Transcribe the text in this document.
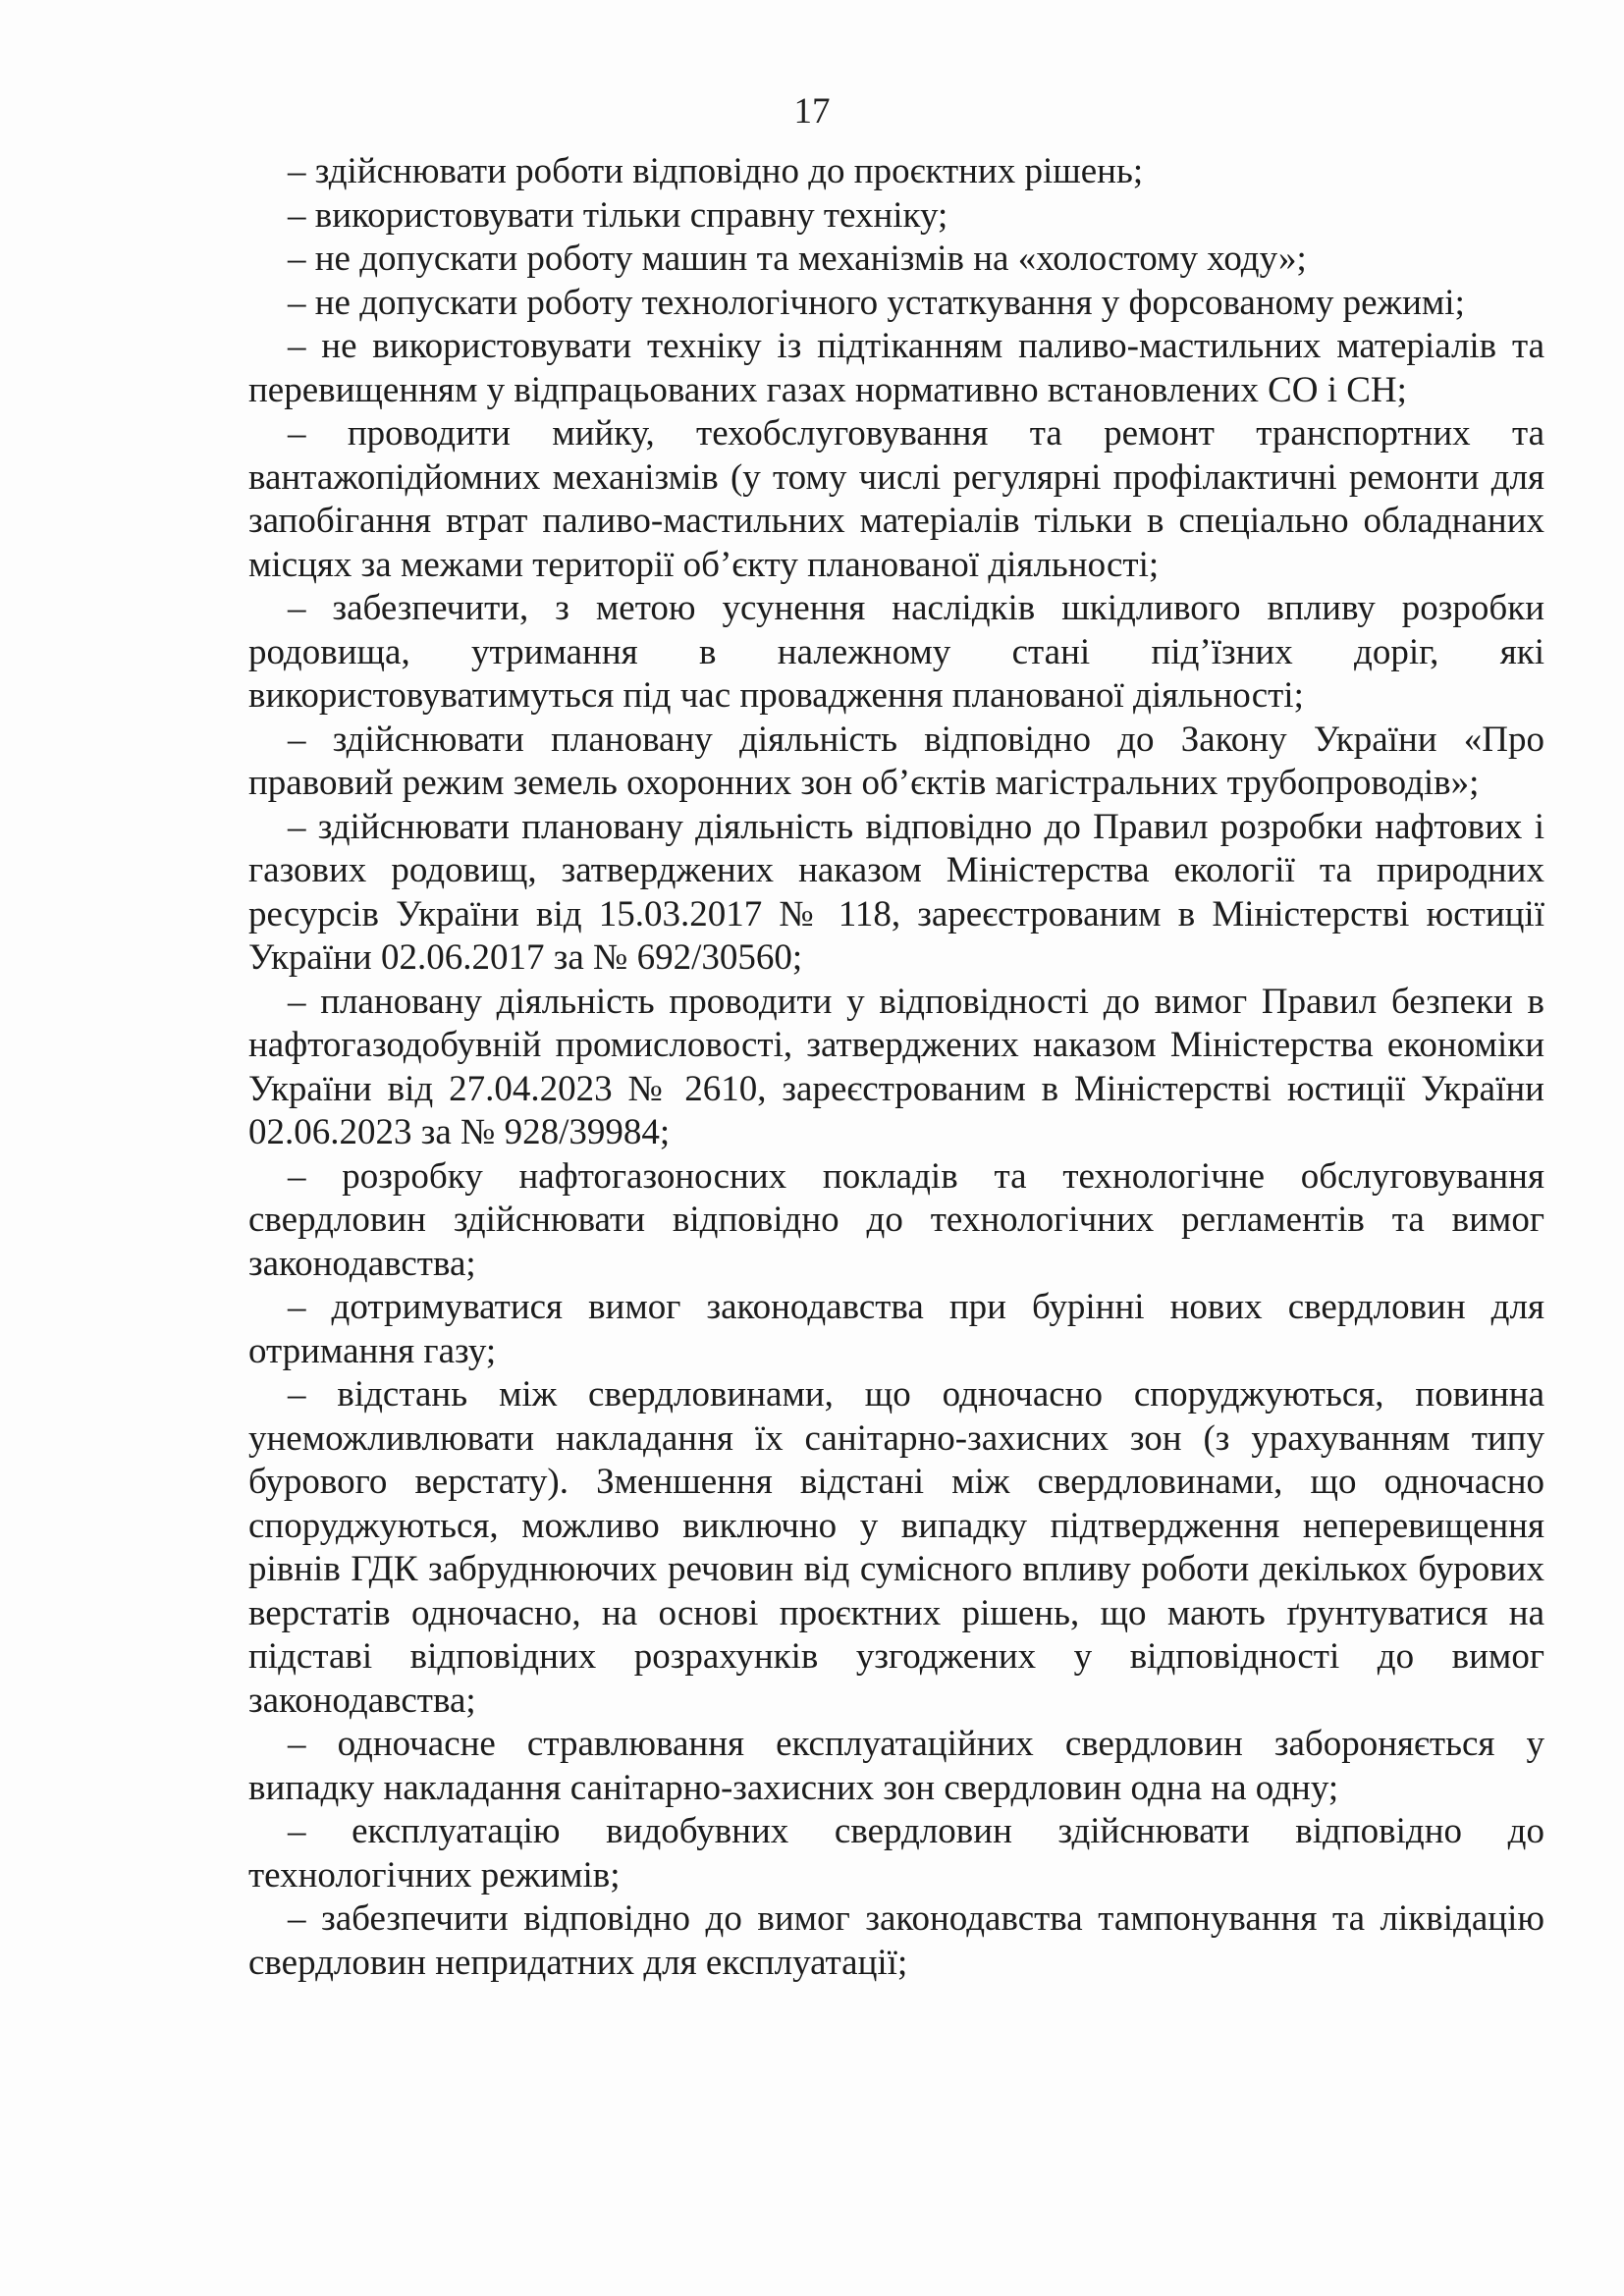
17

– здійснювати роботи відповідно до проєктних рішень;

– використовувати тільки справну техніку;

– не допускати роботу машин та механізмів на «холостому ходу»;

– не допускати роботу технологічного устаткування у форсованому режимі;

– не використовувати техніку із підтіканням паливо-мастильних матеріалів та перевищенням у відпрацьованих газах нормативно встановлених CO і CH;

– проводити мийку, техобслуговування та ремонт транспортних та вантажопідйомних механізмів (у тому числі регулярні профілактичні ремонти для запобігання втрат паливо-мастильних матеріалів тільки в спеціально обладнаних місцях за межами території об’єкту планованої діяльності;

– забезпечити, з метою усунення наслідків шкідливого впливу розробки родовища, утримання в належному стані під’їзних доріг, які використовуватимуться під час провадження планованої діяльності;

– здійснювати плановану діяльність відповідно до Закону України «Про правовий режим земель охоронних зон об’єктів магістральних трубопроводів»;

– здійснювати плановану діяльність відповідно до Правил розробки нафтових і газових родовищ, затверджених наказом Міністерства екології та природних ресурсів України від 15.03.2017 № 118, зареєстрованим в Міністерстві юстиції України 02.06.2017 за № 692/30560;

– плановану діяльність проводити у відповідності до вимог Правил безпеки в нафтогазодобувній промисловості, затверджених наказом Міністерства економіки України від 27.04.2023 № 2610, зареєстрованим в Міністерстві юстиції України 02.06.2023 за № 928/39984;

– розробку нафтогазоносних покладів та технологічне обслуговування свердловин здійснювати відповідно до технологічних регламентів та вимог законодавства;

– дотримуватися вимог законодавства при бурінні нових свердловин для отримання газу;

– відстань між свердловинами, що одночасно споруджуються, повинна унеможливлювати накладання їх санітарно-захисних зон (з урахуванням типу бурового верстату). Зменшення відстані між свердловинами, що одночасно споруджуються, можливо виключно у випадку підтвердження неперевищення рівнів ГДК забруднюючих речовин від сумісного впливу роботи декількох бурових верстатів одночасно, на основі проєктних рішень, що мають ґрунтуватися на підставі відповідних розрахунків узгоджених у відповідності до вимог законодавства;

– одночасне стравлювання експлуатаційних свердловин забороняється у випадку накладання санітарно-захисних зон свердловин одна на одну;

– експлуатацію видобувних свердловин здійснювати відповідно до технологічних режимів;

– забезпечити відповідно до вимог законодавства тампонування та ліквідацію свердловин непридатних для експлуатації;
